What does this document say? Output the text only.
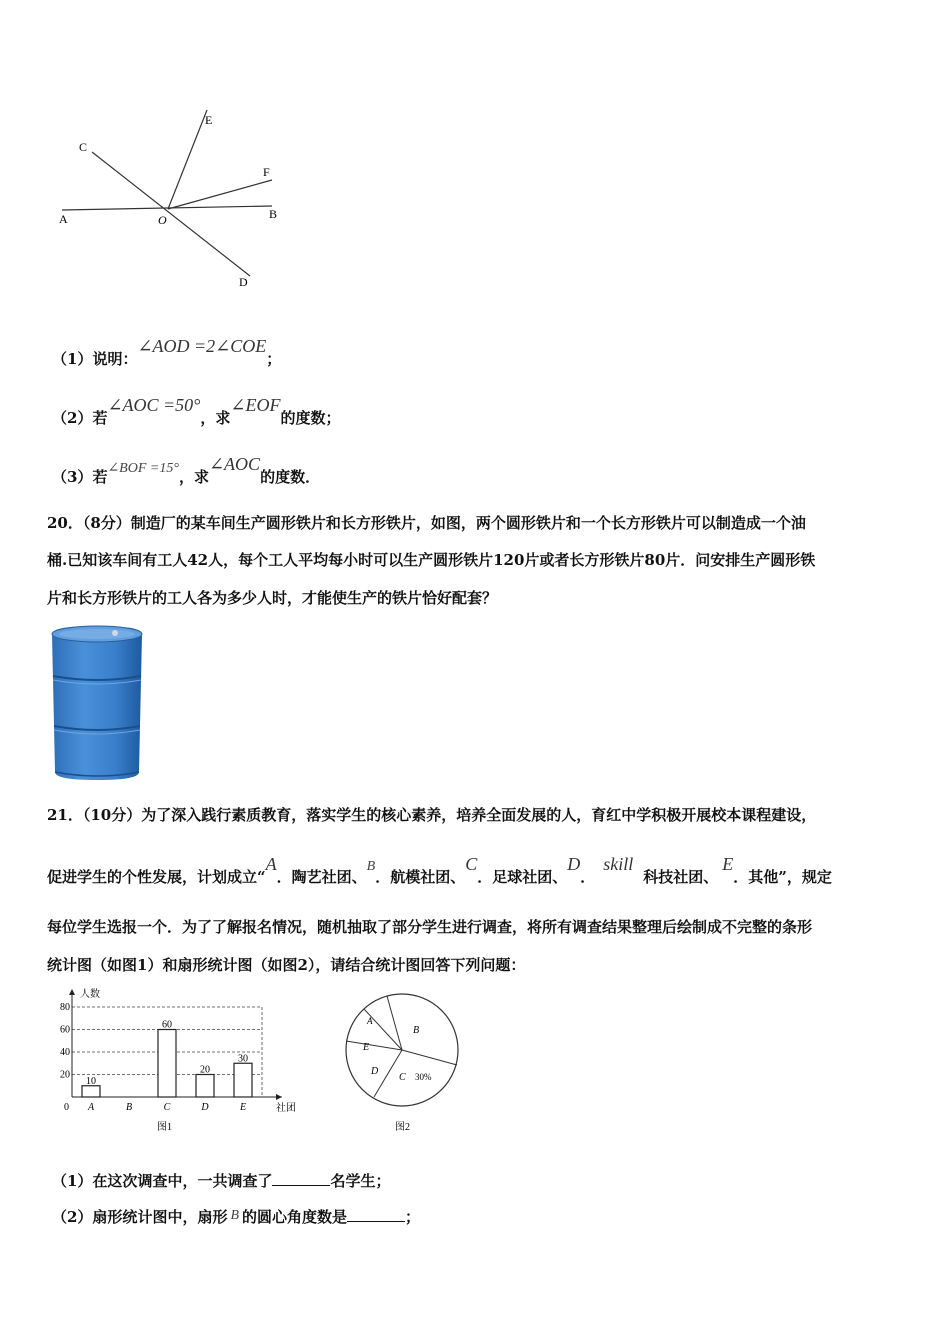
A	B
C
D
E
F
O
（1）说明：∠AOD =2∠COE；
（2）若∠AOC =50°，求∠EOF的度数；
（3）若∠BOF =15°，求∠AOC的度数．
20．（8分）制造厂的某车间生产圆形铁片和长方形铁片，如图，两个圆形铁片和一个长方形铁片可以制造成一个油
桶.已知该车间有工人42人，每个工人平均每小时可以生产圆形铁片120片或者长方形铁片80片．问安排生产圆形铁
片和长方形铁片的工人各为多少人时，才能使生产的铁片恰好配套？
21．（10分）为了深入践行素质教育，落实学生的核心素养，培养全面发展的人，育红中学积极开展校本课程建设，
促进学生的个性发展，计划成立“A．陶艺社团、B．航模社团、C．足球社团、D．skill科技社团、E．其他”，规定
每位学生选报一个．为了了解报名情况，随机抽取了部分学生进行调查，将所有调查结果整理后绘制成不完整的条形
统计图（如图1）和扇形统计图（如图2），请结合统计图回答下列问题：
20
40
60
80
10
A	B
60
C
20
D
30
E
人数
社团
0
图1
A
B
C 30%
D
E
图2
（1）在这次调查中，一共调查了	名学生；
（2）扇形统计图中，扇形 B 的圆心角度数是	；
